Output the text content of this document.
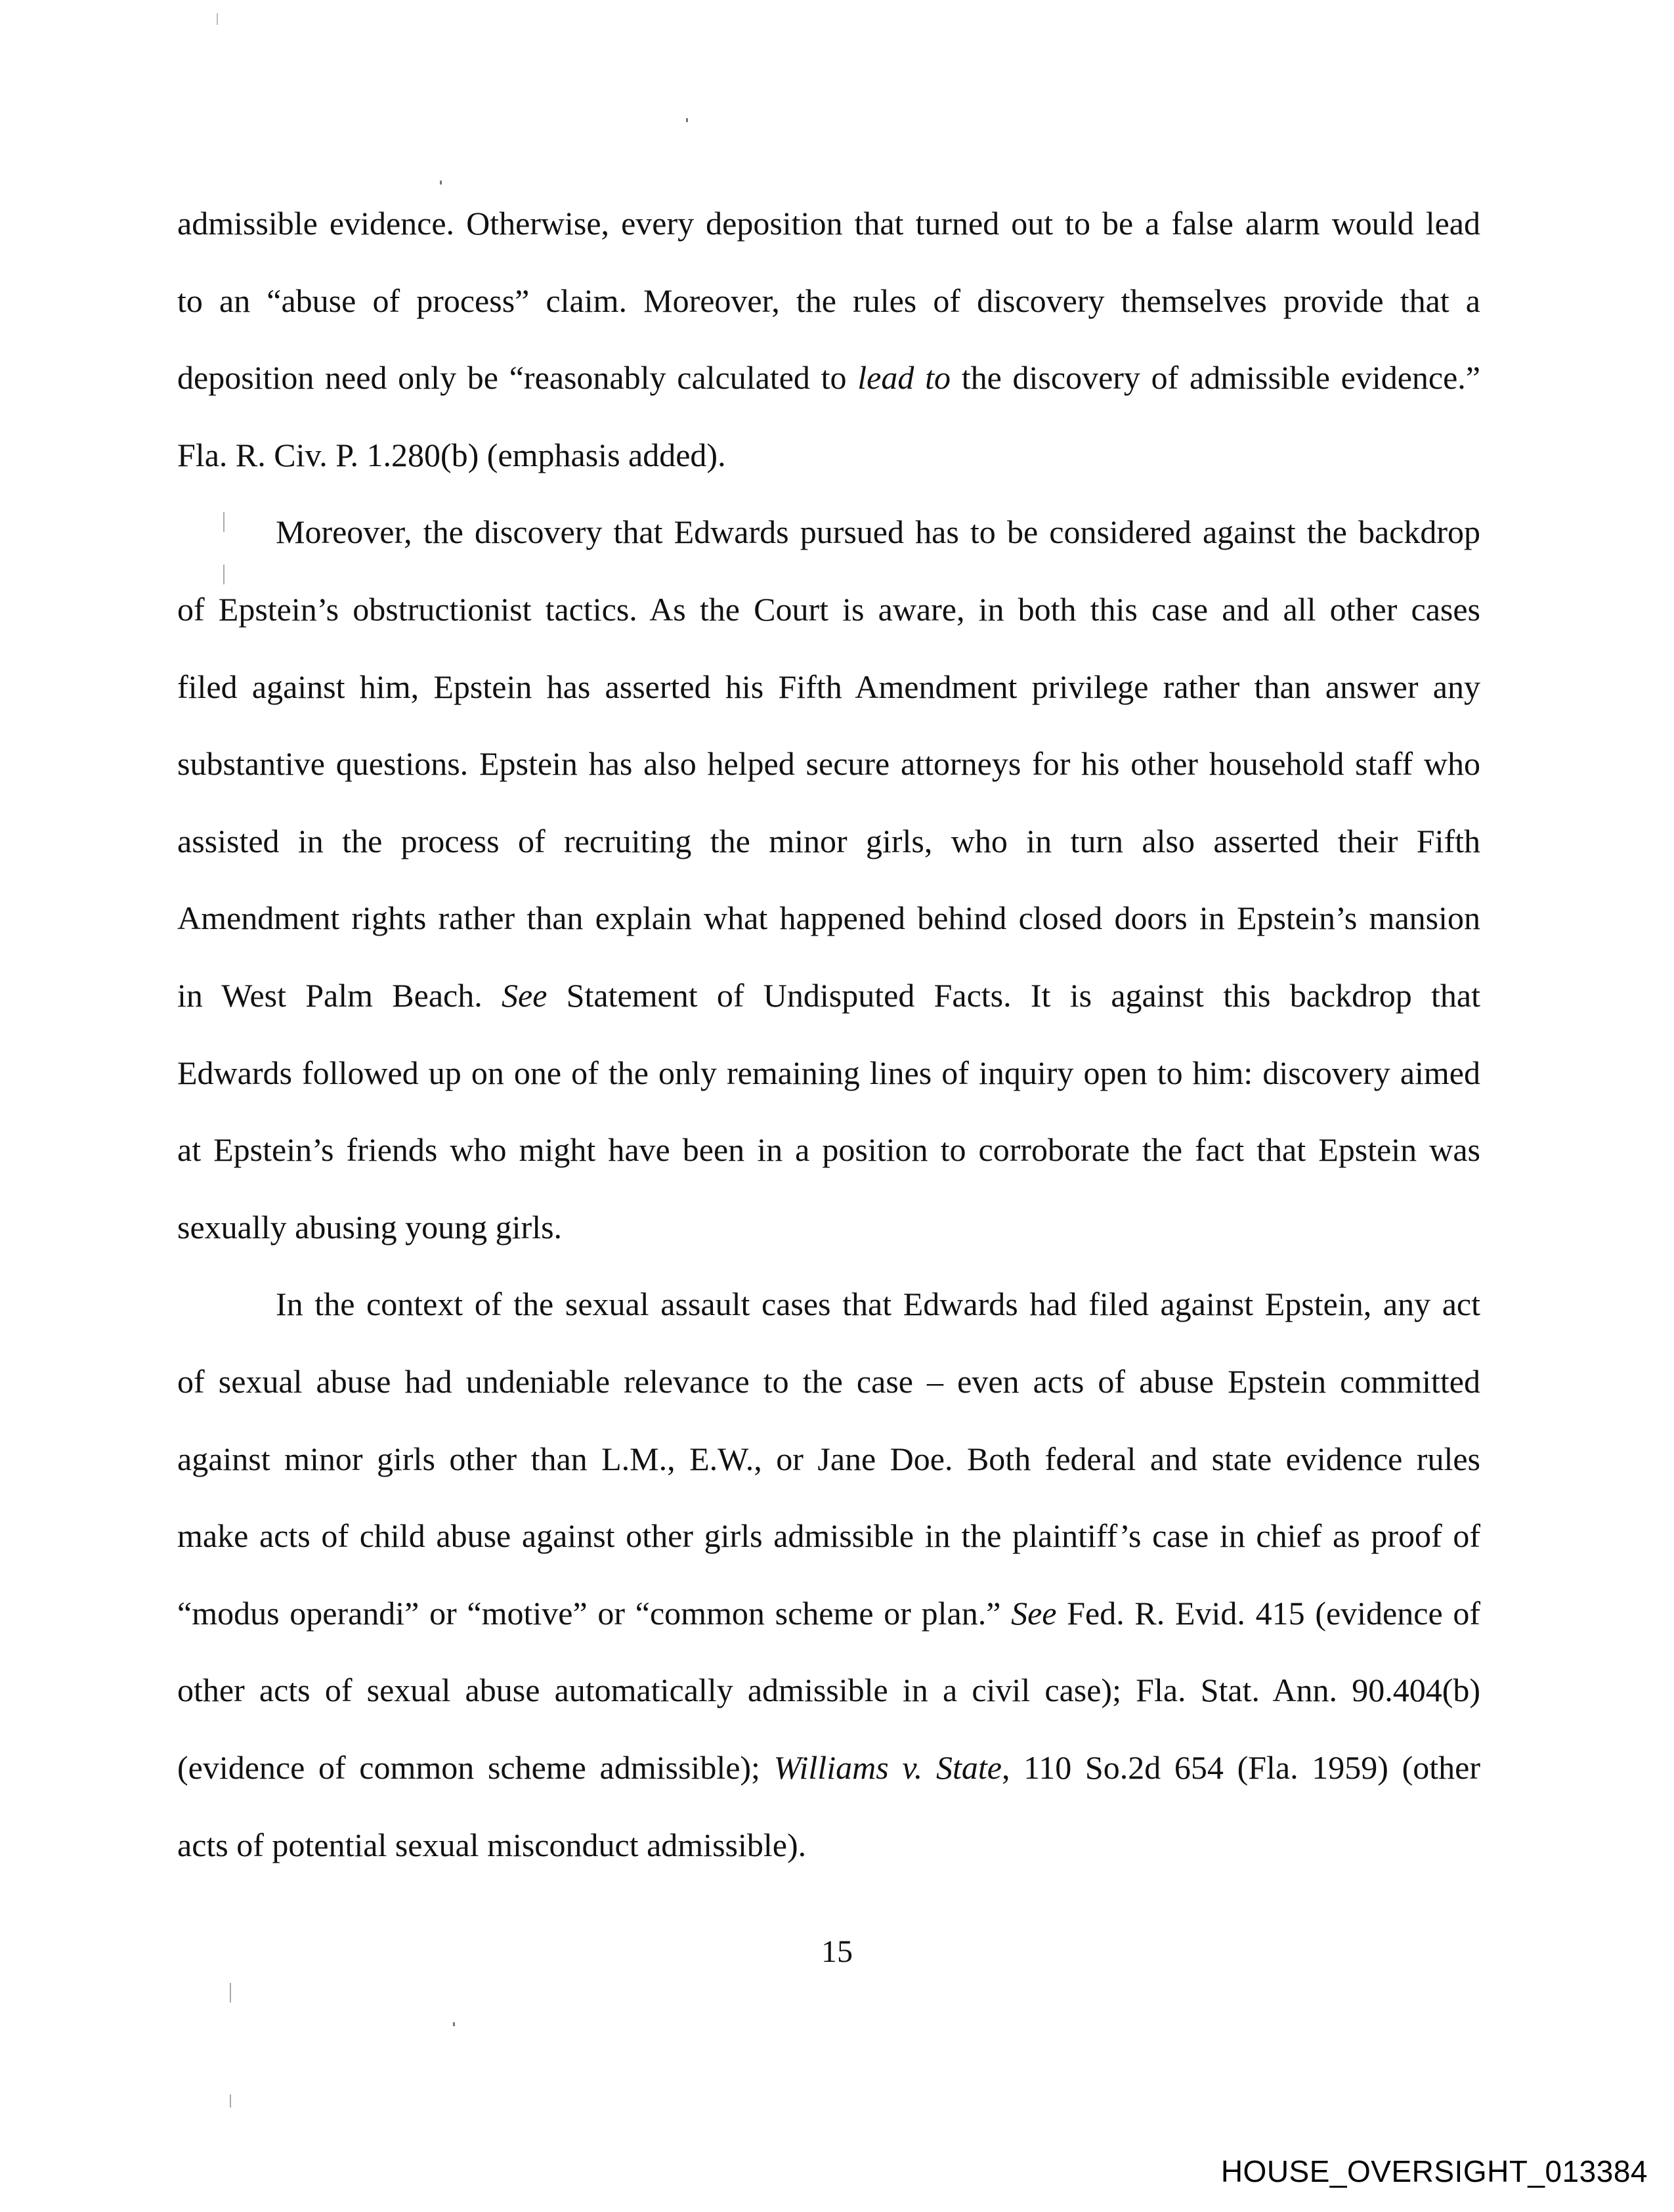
admissible evidence. Otherwise, every deposition that turned out to be a false alarm would lead
to an “abuse of process” claim. Moreover, the rules of discovery themselves provide that a
deposition need only be “reasonably calculated to lead to the discovery of admissible evidence.”
Fla. R. Civ. P. 1.280(b) (emphasis added).
Moreover, the discovery that Edwards pursued has to be considered against the backdrop
of Epstein’s obstructionist tactics. As the Court is aware, in both this case and all other cases
filed against him, Epstein has asserted his Fifth Amendment privilege rather than answer any
substantive questions. Epstein has also helped secure attorneys for his other household staff who
assisted in the process of recruiting the minor girls, who in turn also asserted their Fifth
Amendment rights rather than explain what happened behind closed doors in Epstein’s mansion
in West Palm Beach. See Statement of Undisputed Facts. It is against this backdrop that
Edwards followed up on one of the only remaining lines of inquiry open to him: discovery aimed
at Epstein’s friends who might have been in a position to corroborate the fact that Epstein was
sexually abusing young girls.
In the context of the sexual assault cases that Edwards had filed against Epstein, any act
of sexual abuse had undeniable relevance to the case – even acts of abuse Epstein committed
against minor girls other than L.M., E.W., or Jane Doe. Both federal and state evidence rules
make acts of child abuse against other girls admissible in the plaintiff’s case in chief as proof of
“modus operandi” or “motive” or “common scheme or plan.” See Fed. R. Evid. 415 (evidence of
other acts of sexual abuse automatically admissible in a civil case); Fla. Stat. Ann. 90.404(b)
(evidence of common scheme admissible); Williams v. State, 110 So.2d 654 (Fla. 1959) (other
acts of potential sexual misconduct admissible).
15
HOUSE_OVERSIGHT_013384
